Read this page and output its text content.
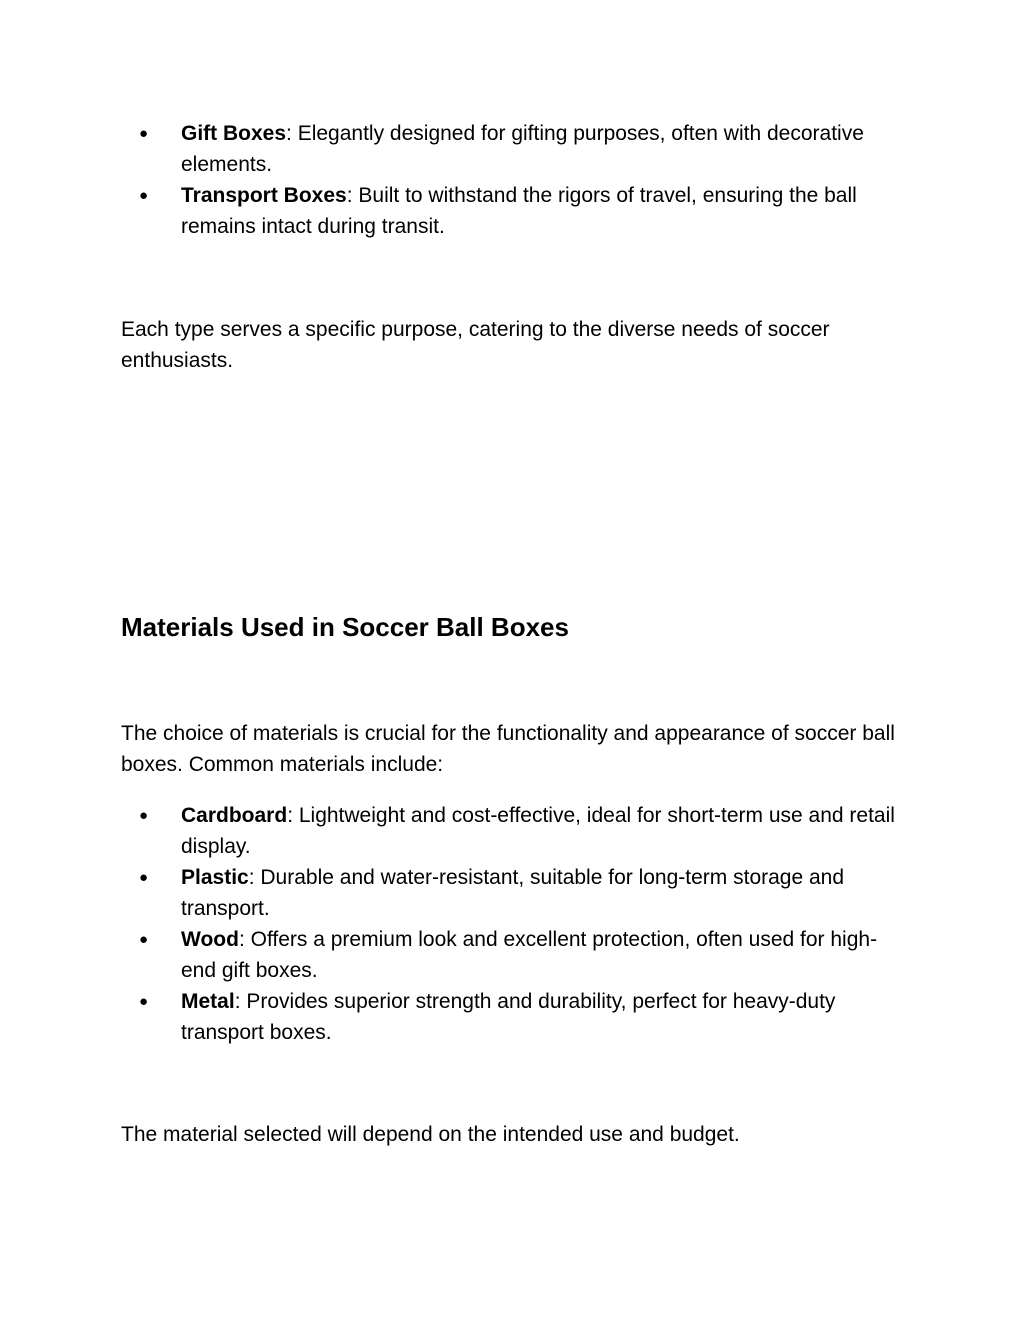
● Gift Boxes: Elegantly designed for gifting purposes, often with decorative elements.
● Transport Boxes: Built to withstand the rigors of travel, ensuring the ball remains intact during transit.

Each type serves a specific purpose, catering to the diverse needs of soccer enthusiasts.

Materials Used in Soccer Ball Boxes

The choice of materials is crucial for the functionality and appearance of soccer ball boxes. Common materials include:

● Cardboard: Lightweight and cost-effective, ideal for short-term use and retail display.
● Plastic: Durable and water-resistant, suitable for long-term storage and transport.
● Wood: Offers a premium look and excellent protection, often used for high-end gift boxes.
● Metal: Provides superior strength and durability, perfect for heavy-duty transport boxes.

The material selected will depend on the intended use and budget.
